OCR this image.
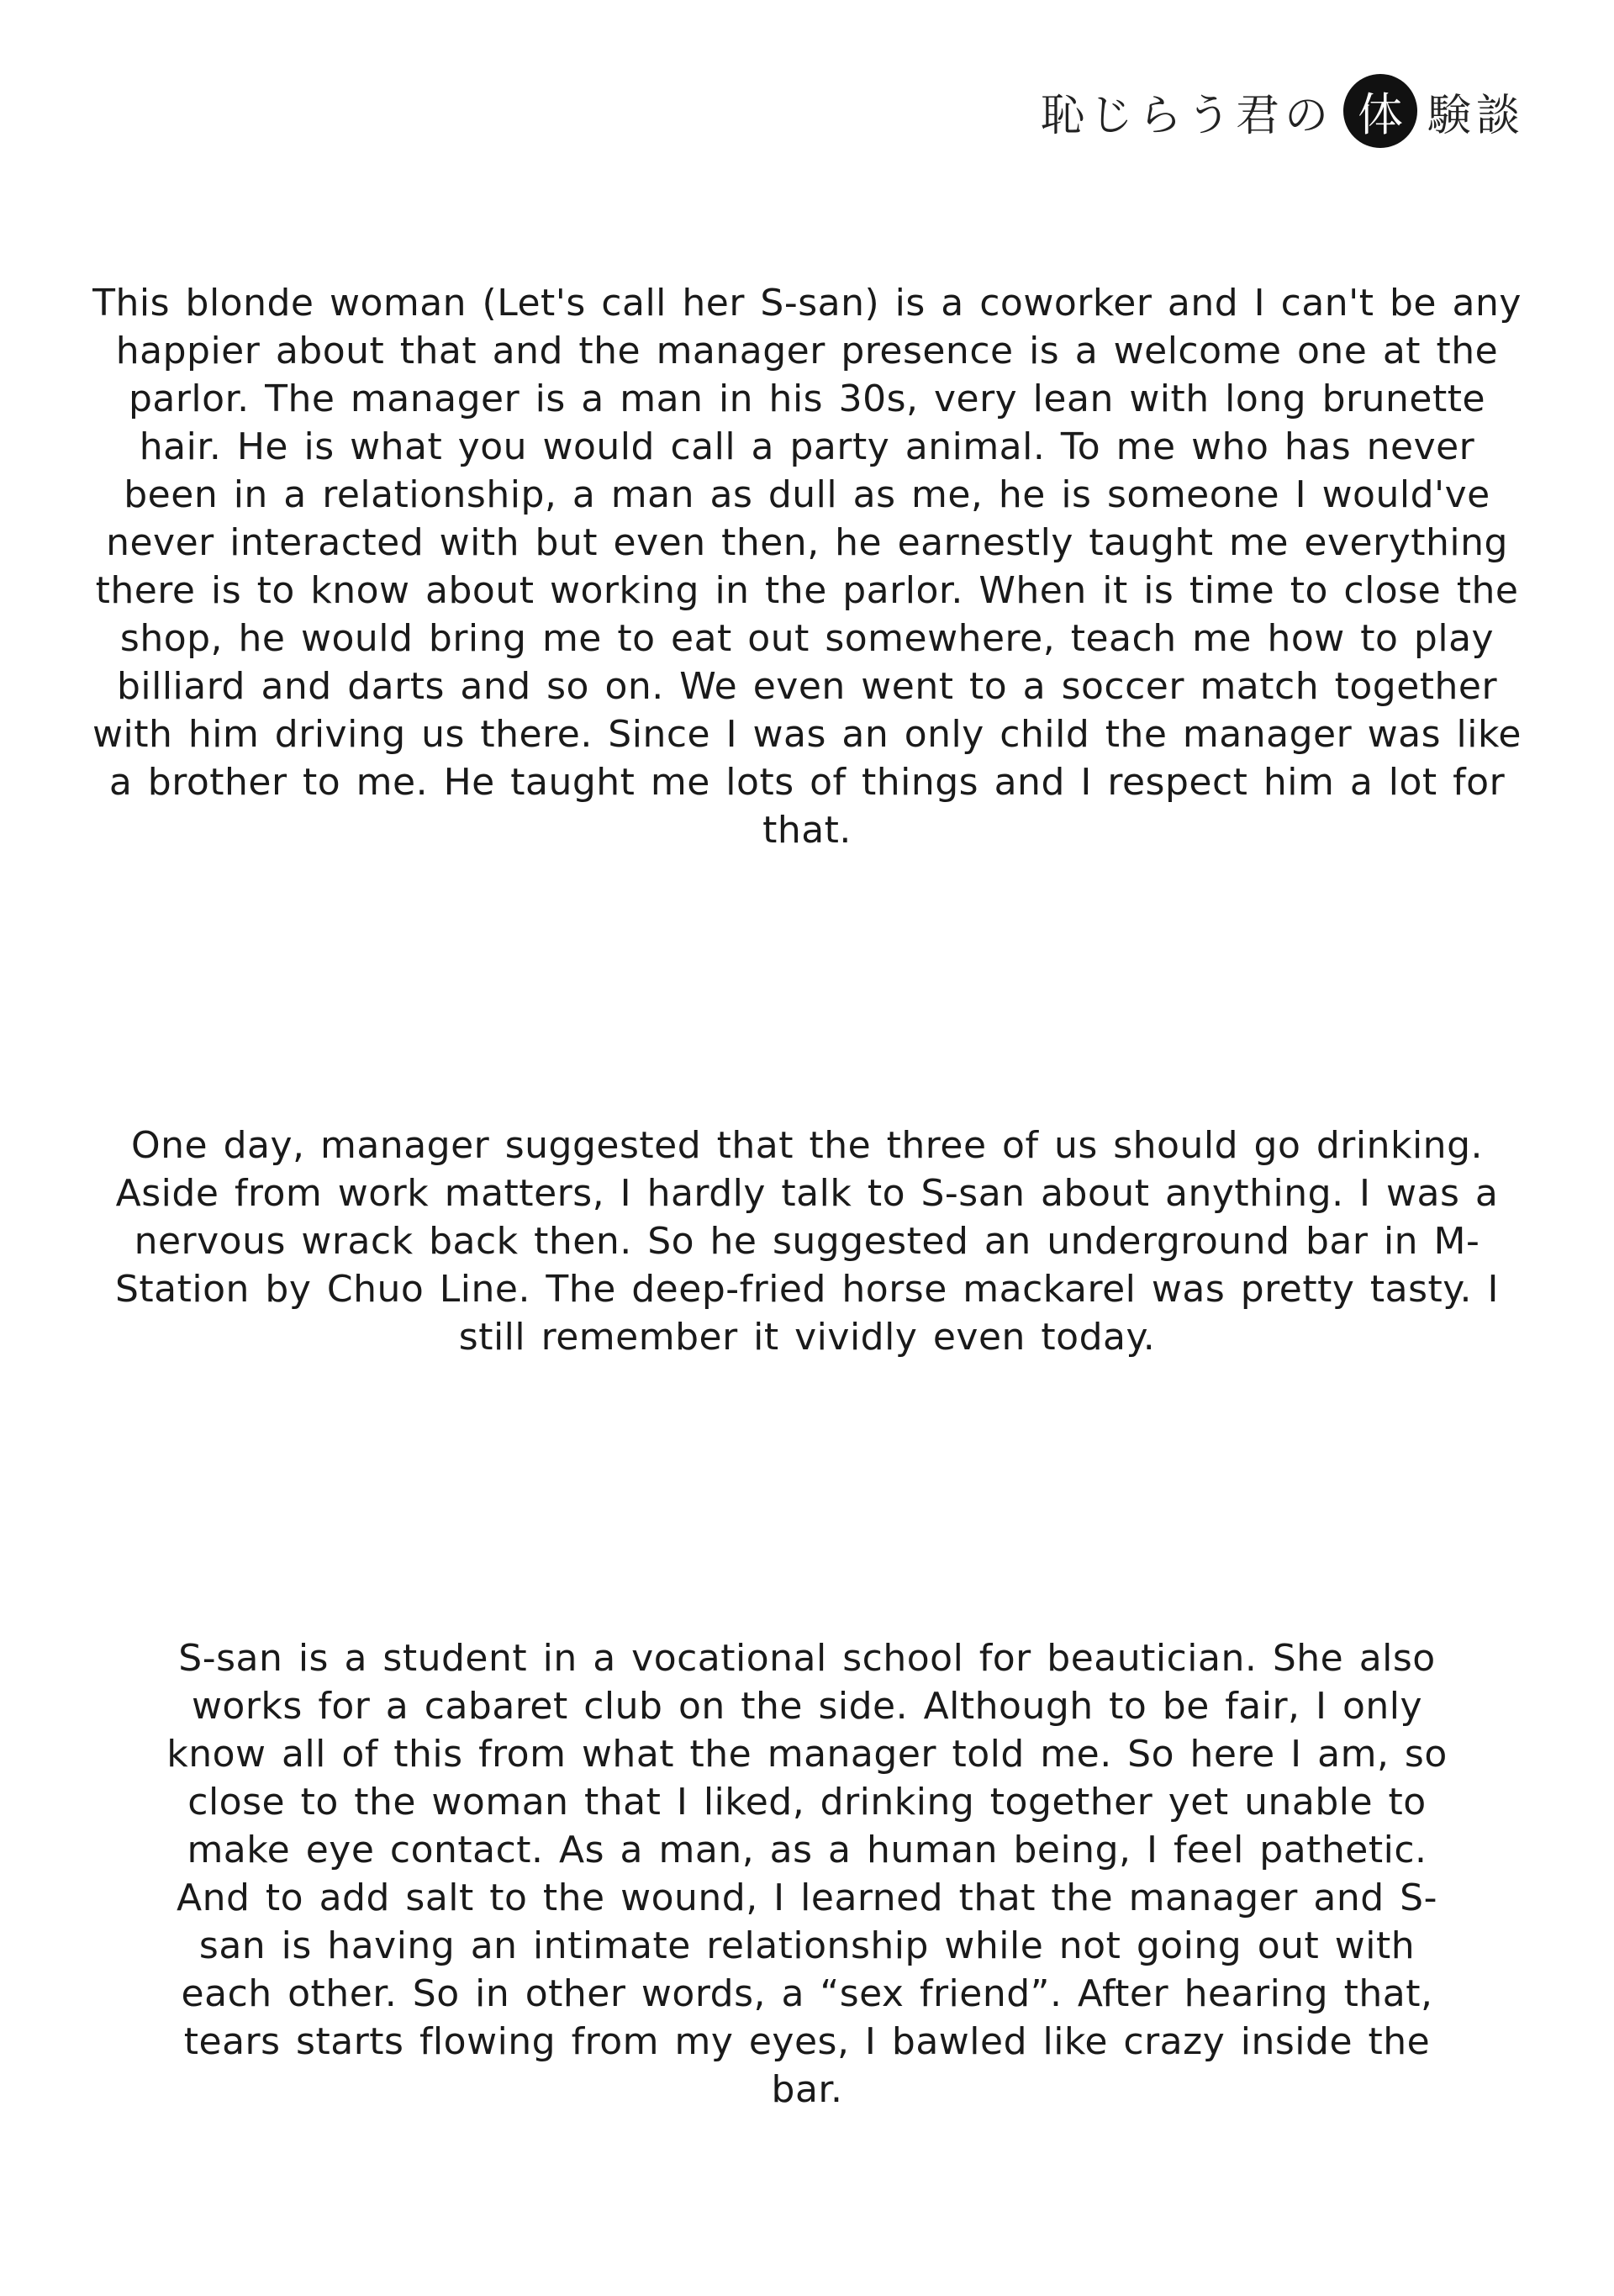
恥じらう君の 体 験談

This blonde woman (Let's call her S-san) is a coworker and I can't be any happier about that and the manager presence is a welcome one at the parlor. The manager is a man in his 30s, very lean with long brunette hair. He is what you would call a party animal. To me who has never been in a relationship, a man as dull as me, he is someone I would've never interacted with but even then, he earnestly taught me everything there is to know about working in the parlor. When it is time to close the shop, he would bring me to eat out somewhere, teach me how to play billiard and darts and so on. We even went to a soccer match together with him driving us there. Since I was an only child the manager was like a brother to me. He taught me lots of things and I respect him a lot for that.

One day, manager suggested that the three of us should go drinking. Aside from work matters, I hardly talk to S-san about anything. I was a nervous wrack back then. So he suggested an underground bar in M-Station by Chuo Line. The deep-fried horse mackarel was pretty tasty. I still remember it vividly even today.

S-san is a student in a vocational school for beautician. She also works for a cabaret club on the side. Although to be fair, I only know all of this from what the manager told me. So here I am, so close to the woman that I liked, drinking together yet unable to make eye contact. As a man, as a human being, I feel pathetic. And to add salt to the wound, I learned that the manager and S-san is having an intimate relationship while not going out with each other. So in other words, a “sex friend”. After hearing that, tears starts flowing from my eyes, I bawled like crazy inside the bar.
